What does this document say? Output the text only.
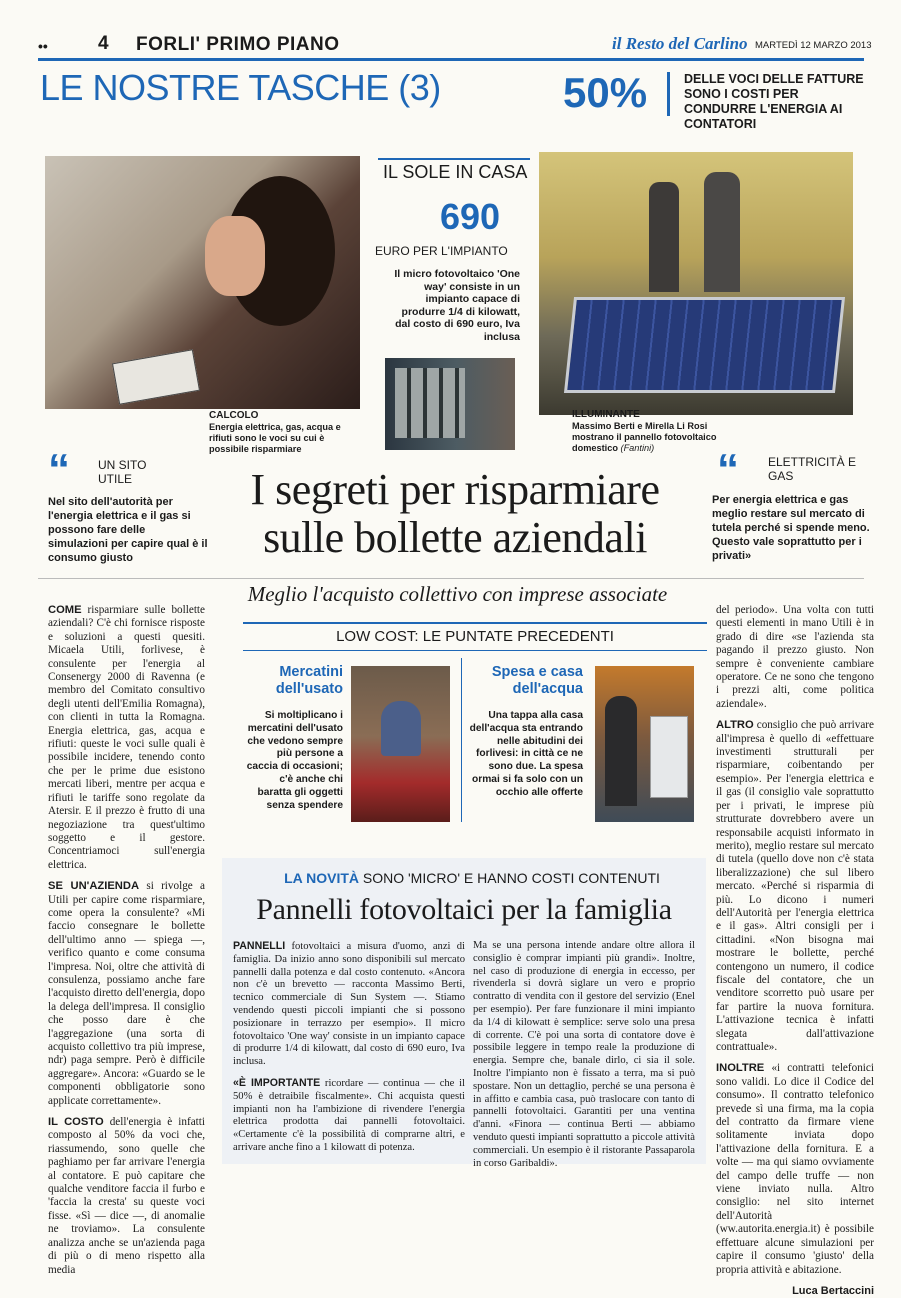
••	4 FORLI' PRIMO PIANO	il Resto del Carlino MARTEDÌ 12 MARZO 2013
LE NOSTRE TASCHE (3)	50%	DELLE VOCI DELLE FATTURE SONO I COSTI PER CONDURRE L'ENERGIA AI CONTATORI
CALCOLO
Energia elettrica, gas, acqua e rifiuti sono le voci su cui è possibile risparmiare
IL SOLE IN CASA
690
EURO PER L'IMPIANTO
Il micro fotovoltaico 'One way' consiste in un impianto capace di produrre 1/4 di kilowatt, dal costo di 690 euro, Iva inclusa
ILLUMINANTE
Massimo Berti e Mirella Li Rosi mostrano il pannello fotovoltaico domestico (Fantini)
“ UN SITO UTILE
Nel sito dell'autorità per l'energia elettrica e il gas si possono fare delle simulazioni per capire qual è il consumo giusto
“ ELETTRICITÀ E GAS
Per energia elettrica e gas meglio restare sul mercato di tutela perché si spende meno. Questo vale soprattutto per i privati»
I segreti per risparmiare
sulle bollette aziendali
Meglio l'acquisto collettivo con imprese associate

COME risparmiare sulle bollette aziendali? C'è chi fornisce risposte e soluzioni a questi quesiti. Micaela Utili, forlivese, è consulente per l'energia al Consenergy 2000 di Ravenna (e membro del Comitato consultivo degli utenti dell'Emilia Romagna), con clienti in tutta la Romagna. Energia elettrica, gas, acqua e rifiuti: queste le voci sulle quali è possibile incidere, tenendo conto che per le prime due esistono mercati liberi, mentre per acqua e rifiuti le tariffe sono regolate da Atersir. E il prezzo è frutto di una negoziazione tra quest'ultimo soggetto e il gestore. Concentriamoci sull'energia elettrica.

SE UN'AZIENDA si rivolge a Utili per capire come risparmiare, come opera la consulente? «Mi faccio consegnare le bollette dell'ultimo anno — spiega —, verifico quanto e come consuma l'impresa. Noi, oltre che attività di consulenza, possiamo anche fare l'acquisto diretto dell'energia, dopo la delega dell'impresa. Il consiglio che posso dare è che l'aggregazione (una sorta di acquisto collettivo tra più imprese, ndr) paga sempre. Però è difficile aggregare». Ancora: «Guardo se le componenti obbligatorie sono applicate correttamente».

IL COSTO dell'energia è infatti composto al 50% da voci che, riassumendo, sono quelle che paghiamo per far arrivare l'energia al contatore. E può capitare che qualche venditore faccia il furbo e 'faccia la cresta' su queste voci fisse. «Sì — dice —, di anomalie ne troviamo». La consulente analizza anche se un'azienda paga di più o di meno rispetto alla media

LOW COST: LE PUNTATE PRECEDENTI
Mercatini dell'usato
Si moltiplicano i mercatini dell'usato che vedono sempre più persone a caccia di occasioni; c'è anche chi baratta gli oggetti senza spendere
Spesa e casa dell'acqua
Una tappa alla casa dell'acqua sta entrando nelle abitudini dei forlivesi: in città ce ne sono due. La spesa ormai si fa solo con un occhio alle offerte

del periodo». Una volta con tutti questi elementi in mano Utili è in grado di dire «se l'azienda sta pagando il prezzo giusto. Non sempre è conveniente cambiare operatore. Ce ne sono che tengono i prezzi alti, come politica aziendale».

ALTRO consiglio che può arrivare all'impresa è quello di «effettuare investimenti strutturali per risparmiare, coibentando per esempio». Per l'energia elettrica e il gas (il consiglio vale soprattutto per i privati, le imprese più strutturate dovrebbero avere un responsabile acquisti informato in merito), meglio restare sul mercato di tutela (quello dove non c'è stata liberalizzazione) che sul libero mercato. «Perché si risparmia di più. Lo dicono i numeri dell'Autorità per l'energia elettrica e il gas». Altri consigli per i cittadini. «Non bisogna mai mostrare le bollette, perché contengono un numero, il codice fiscale del contatore, che un venditore scorretto può usare per far partire la nuova fornitura. L'attivazione tecnica è infatti slegata dall'attivazione contrattuale».

INOLTRE «i contratti telefonici sono validi. Lo dice il Codice del consumo». Il contratto telefonico prevede sì una firma, ma la copia del contratto da firmare viene solitamente inviata dopo l'attivazione della fornitura. E a volte — ma qui siamo ovviamente del campo delle truffe — non viene inviato nulla. Altro consiglio: nel sito internet dell'Autorità (ww.autorita.energia.it) è possibile effettuare alcune simulazioni per capire il consumo 'giusto' della propria attività e abitazione.

Luca Bertaccini
LA NOVITÀ SONO 'MICRO' E HANNO COSTI CONTENUTI
Pannelli fotovoltaici per la famiglia

PANNELLI fotovoltaici a misura d'uomo, anzi di famiglia. Da inizio anno sono disponibili sul mercato pannelli dalla potenza e dal costo contenuto. «Ancora non c'è un brevetto — racconta Massimo Berti, tecnico commerciale di Sun System —. Stiamo vendendo questi piccoli impianti che si possono posizionare in terrazzo per esempio». Il micro fotovoltaico 'One way' consiste in un impianto capace di produrre 1/4 di kilowatt, dal costo di 690 euro, Iva inclusa.

«È IMPORTANTE ricordare — continua — che il 50% è detraibile fiscalmente». Chi acquista questi impianti non ha l'ambizione di rivendere l'energia elettrica prodotta dai pannelli fotovoltaici. «Certamente c'è la possibilità di comprarne altri, e arrivare anche fino a 1 kilowatt di potenza.

Ma se una persona intende andare oltre allora il consiglio è comprar impianti più grandi». Inoltre, nel caso di produzione di energia in eccesso, per rivenderla si dovrà siglare un vero e proprio contratto di vendita con il gestore del servizio (Enel per esempio). Per fare funzionare il mini impianto da 1/4 di kilowatt è semplice: serve solo una presa di corrente. C'è poi una sorta di contatore dove è possibile leggere in tempo reale la produzione di energia. Sempre che, banale dirlo, ci sia il sole. Inoltre l'impianto non è fissato a terra, ma si può spostare. Non un dettaglio, perché se una persona è in affitto e cambia casa, può traslocare con tanto di pannelli fotovoltaici. Garantiti per una ventina d'anni. «Finora — continua Berti — abbiamo venduto questi impianti soprattutto a piccole attività commerciali. Un esempio è il ristorante Passaparola in corso Garibaldi».
